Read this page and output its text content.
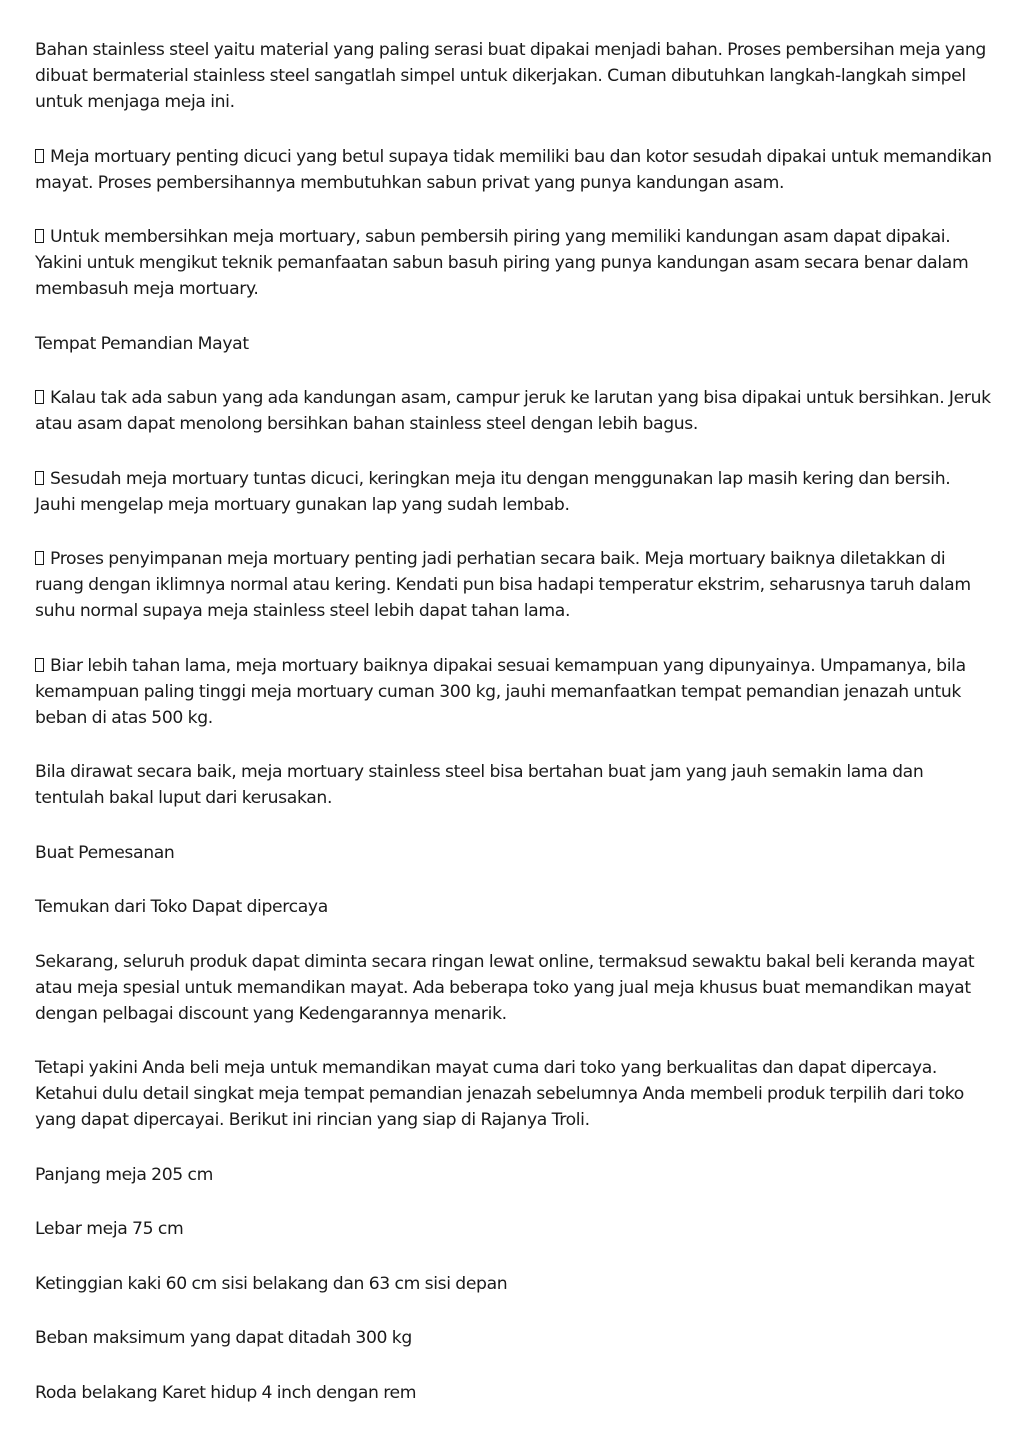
Bahan stainless steel yaitu material yang paling serasi buat dipakai menjadi bahan. Proses pembersihan meja yang dibuat bermaterial stainless steel sangatlah simpel untuk dikerjakan. Cuman dibutuhkan langkah-langkah simpel untuk menjaga meja ini.

Meja mortuary penting dicuci yang betul supaya tidak memiliki bau dan kotor sesudah dipakai untuk memandikan mayat. Proses pembersihannya membutuhkan sabun privat yang punya kandungan asam.

Untuk membersihkan meja mortuary, sabun pembersih piring yang memiliki kandungan asam dapat dipakai. Yakini untuk mengikut teknik pemanfaatan sabun basuh piring yang punya kandungan asam secara benar dalam membasuh meja mortuary.

Tempat Pemandian Mayat

Kalau tak ada sabun yang ada kandungan asam, campur jeruk ke larutan yang bisa dipakai untuk bersihkan. Jeruk atau asam dapat menolong bersihkan bahan stainless steel dengan lebih bagus.

Sesudah meja mortuary tuntas dicuci, keringkan meja itu dengan menggunakan lap masih kering dan bersih. Jauhi mengelap meja mortuary gunakan lap yang sudah lembab.

Proses penyimpanan meja mortuary penting jadi perhatian secara baik. Meja mortuary baiknya diletakkan di ruang dengan iklimnya normal atau kering. Kendati pun bisa hadapi temperatur ekstrim, seharusnya taruh dalam suhu normal supaya meja stainless steel lebih dapat tahan lama.

Biar lebih tahan lama, meja mortuary baiknya dipakai sesuai kemampuan yang dipunyainya. Umpamanya, bila kemampuan paling tinggi meja mortuary cuman 300 kg, jauhi memanfaatkan tempat pemandian jenazah untuk beban di atas 500 kg.

Bila dirawat secara baik, meja mortuary stainless steel bisa bertahan buat jam yang jauh semakin lama dan tentulah bakal luput dari kerusakan.

Buat Pemesanan

Temukan dari Toko Dapat dipercaya

Sekarang, seluruh produk dapat diminta secara ringan lewat online, termaksud sewaktu bakal beli keranda mayat atau meja spesial untuk memandikan mayat. Ada beberapa toko yang jual meja khusus buat memandikan mayat dengan pelbagai discount yang Kedengarannya menarik.

Tetapi yakini Anda beli meja untuk memandikan mayat cuma dari toko yang berkualitas dan dapat dipercaya. Ketahui dulu detail singkat meja tempat pemandian jenazah sebelumnya Anda membeli produk terpilih dari toko yang dapat dipercayai. Berikut ini rincian yang siap di Rajanya Troli.

Panjang meja 205 cm

Lebar meja 75 cm

Ketinggian kaki 60 cm sisi belakang dan 63 cm sisi depan

Beban maksimum yang dapat ditadah 300 kg

Roda belakang Karet hidup 4 inch dengan rem
